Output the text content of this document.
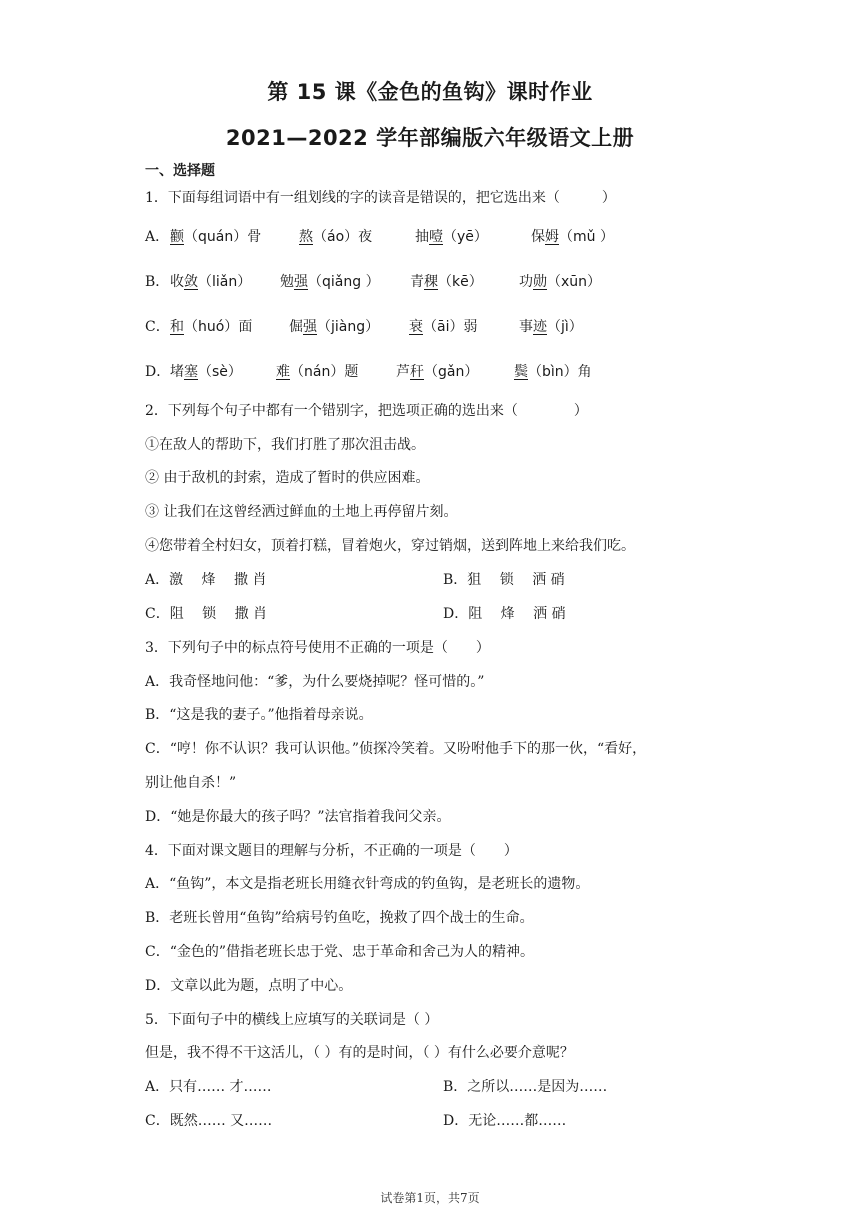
第 15 课《金色的鱼钩》课时作业
2021—2022 学年部编版六年级语文上册
一、选择题
1．下面每组词语中有一组划线的字的读音是错误的，把它选出来（　　　）
A． 颧（quán）骨	熬（áo）夜	抽噎（yē）	保姆（mǔ ）
B． 收敛（liǎn） 勉强（qiǎng ） 青稞（kē）	功勋（xūn）
C． 和（huó）面	倔强（jiàng） 衰（āi）弱	事迹（jì）
D． 堵塞（sè） 难（nán）题	芦秆（gǎn）	鬓（bìn）角
2．下列每个句子中都有一个错别字，把选项正确的选出来（　　　　）
①在敌人的帮助下，我们打胜了那次沮击战。
② 由于敌机的封索，造成了暂时的供应困难。
③ 让我们在这曾经洒过鲜血的土地上再停留片刻。
④您带着全村妇女，顶着打糕，冒着炮火，穿过销烟，送到阵地上来给我们吃。
A．激　 烽　 撒 肖	B．狙　 锁　 洒 硝
C．阻　 锁　 撒 肖	D．阻　 烽　 洒 硝
3．下列句子中的标点符号使用不正确的一项是（　　）
A．我奇怪地问他：“爹，为什么要烧掉呢？怪可惜的。”
B．“这是我的妻子。”他指着母亲说。
C．“哼！你不认识？我可认识他。”侦探冷笑着。又吩咐他手下的那一伙，“看好，
别让他自杀！”
D．“她是你最大的孩子吗？”法官指着我问父亲。
4．下面对课文题目的理解与分析，不正确的一项是（　　）
A．“鱼钩”，本文是指老班长用缝衣针弯成的钓鱼钩，是老班长的遗物。
B．老班长曾用“鱼钩”给病号钓鱼吃，挽救了四个战士的生命。
C．“金色的”借指老班长忠于党、忠于革命和舍己为人的精神。
D．文章以此为题，点明了中心。
5．下面句子中的横线上应填写的关联词是（ ）
但是，我不得不干这活儿，（ ）有的是时间，（ ）有什么必要介意呢？
A．只有…… 才……	B．之所以……是因为……
C．既然…… 又……	D．无论……都……
试卷第1页，共7页
